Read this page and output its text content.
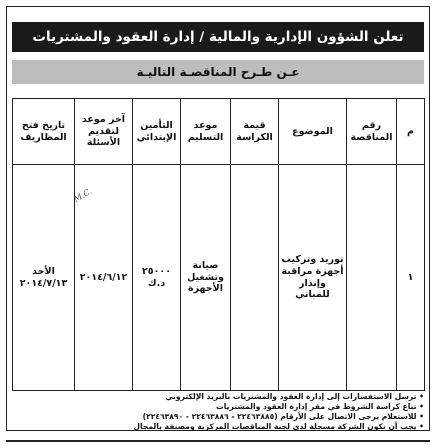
تعلن الشؤون الإدارية والمالية / إدارة العقود والمشتريات
عـن طـرح المناقصـة التاليـة
م	رقم المناقصة	الموضوع	قيمة الكراسة	موعد التسليم	التأمين الإبتدائي	آخر موعد لتقديم الأسئلة	تاريخ فتح المظاريف
١		توريد وتركيب أجهزة مراقبة وإنذار للمباني		صيانة وتشغيل الأجهزة	٢٥٠٠٠ د.ك	٢٠١٤/٦/١٢	الأحد ٢٠١٤/٧/١٣
M.C.
• ترسل الاستفسارات إلى إدارة العقود والمشتريات بالبريد الإلكتروني
• تباع كراسة الشروط في مقر إدارة العقود والمشتريات
• للاستعلام يرجى الاتصال على الأرقام (٢٢٤٦٣٨٨٥ - ٢٢٤٦٣٨٨٦ - ٢٢٤٦٣٨٩٠)
• يجب أن تكون الشركة مسجلة لدى لجنة المناقصات المركزية ومصنفة بالمجال
